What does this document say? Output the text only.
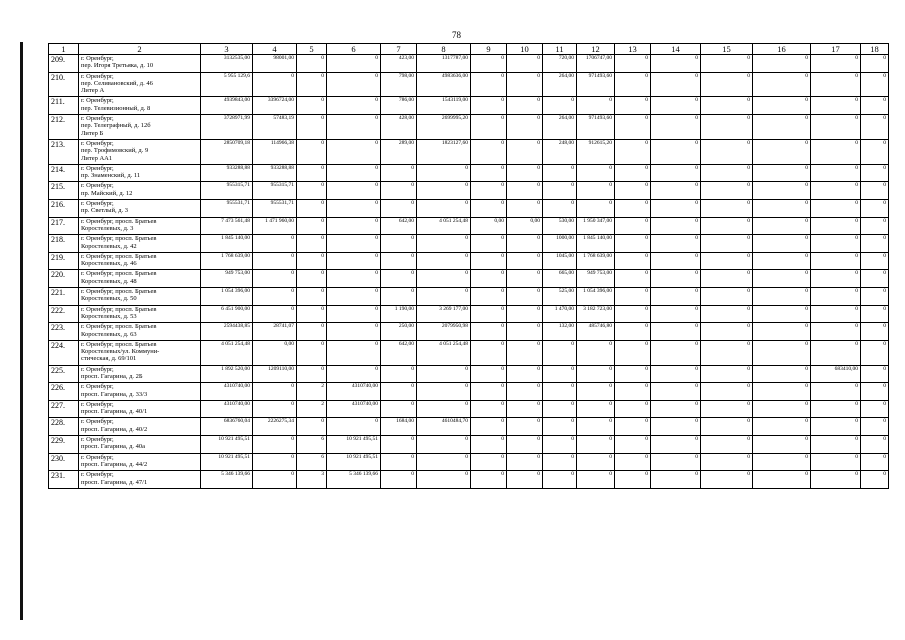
78
1	2	3	4	5	6	7	8	9	10	11	12	13	14	15	16	17	18
209.	г. Оренбург,
пер. Игоря Третьяка, д. 10	3132535,00	98001,00	0	0	423,00	1317787,00	0	0	720,00	1706747,00	0	0	0	0	0	0
210.	г. Оренбург,
пер. Селивановский, д. 46
Литер А	5 955 129,6	0	0	0	798,00	4983636,00	0	0	264,00	971493,60	0	0	0	0	0	0
211.	г. Оренбург,
пер. Телевизионный, д. 8	4939843,00	3396724,00	0	0	786,00	1543119,00	0	0	0	0	0	0	0	0	0	0
212.	г. Оренбург,
пер. Телеграфный, д. 12б
Литер Б	3728971,99	57483,19	0	0	428,00	2699995,20	0	0	264,00	971493,60	0	0	0	0	0	0
213.	г. Оренбург,
пер. Трофимовский, д. 9
Литер АА1	2850709,18	114966,38	0	0	289,00	1823127,60	0	0	248,00	912615,20	0	0	0	0	0	0
214.	г. Оренбург,
пр. Знаменский, д. 11	933288,88	933288,88	0	0	0	0	0	0	0	0	0	0	0	0	0	0
215.	г. Оренбург,
пр. Майский, д. 12	955315,71	955315,71	0	0	0	0	0	0	0	0	0	0	0	0	0	0
216.	г. Оренбург,
пр. Светлый, д. 3	955531,71	955531,71	0	0	0	0	0	0	0	0	0	0	0	0	0	0
217.	г. Оренбург, просп. Братьев
Коростелевых, д. 3	7 473 561,48	1 471 960,00	0	0	642,00	4 051 254,48	0,00	0,00	530,00	1 950 347,00	0	0	0	0	0	0
218.	г. Оренбург, просп. Братьев
Коростелевых, д. 42	1 845 140,00	0	0	0	0	0	0	0	1000,00	1 845 140,00	0	0	0	0	0	0
219.	г. Оренбург, просп. Братьев
Коростелевых, д. 46	1 768 639,00	0	0	0	0	0	0	0	1045,00	1 768 639,00	0	0	0	0	0	0
220.	г. Оренбург, просп. Братьев
Коростелевых, д. 48	949 753,00	0	0	0	0	0	0	0	665,00	949 753,00	0	0	0	0	0	0
221.	г. Оренбург, просп. Братьев
Коростелевых, д. 50	1 054 396,00	0	0	0	0	0	0	0	525,00	1 054 396,00	0	0	0	0	0	0
222.	г. Оренбург, просп. Братьев
Коростелевых, д. 53	6 451 900,00	0	0	0	1 190,00	3 269 177,00	0	0	1 470,00	3 182 723,00	0	0	0	0	0	0
223.	г. Оренбург, просп. Братьев
Коростелевых, д. 63	2594438,85	28741,07	0	0	250,00	2079950,98	0	0	132,00	485746,80	0	0	0	0	0	0
224.	г. Оренбург, просп. Братьев
Коростелевых/ул. Коммуни-
стическая, д. 69/101	4 051 254,48	0,00	0	0	642,00	4 051 254,48	0	0	0	0	0	0	0	0	0	0
225.	г. Оренбург,
просп. Гагарина, д. 2Б	1 892 520,00	1209110,00	0	0	0	0	0	0	0	0	0	0	0	0	683410,00	0
226.	г. Оренбург,
просп. Гагарина, д. 33/3	4310740,00	0	2	4310740,00	0	0	0	0	0	0	0	0	0	0	0	0
227.	г. Оренбург,
просп. Гагарина, д. 40/1	4310740,00	0	2	4310740,00	0	0	0	0	0	0	0	0	0	0	0	0
228.	г. Оренбург,
просп. Гагарина, д. 40/2	6836760,04	2226275,34	0	0	1684,00	4610484,70	0	0	0	0	0	0	0	0	0	0
229.	г. Оренбург,
просп. Гагарина, д. 40а	10 921 495,51	0	6	10 921 495,51	0	0	0	0	0	0	0	0	0	0	0	0
230.	г. Оренбург,
просп. Гагарина, д. 44/2	10 921 495,51	0	6	10 921 495,51	0	0	0	0	0	0	0	0	0	0	0	0
231.	г. Оренбург,
просп. Гагарина, д. 47/1	5 346 139,66	0	3	5 346 139,66	0	0	0	0	0	0	0	0	0	0	0	0
